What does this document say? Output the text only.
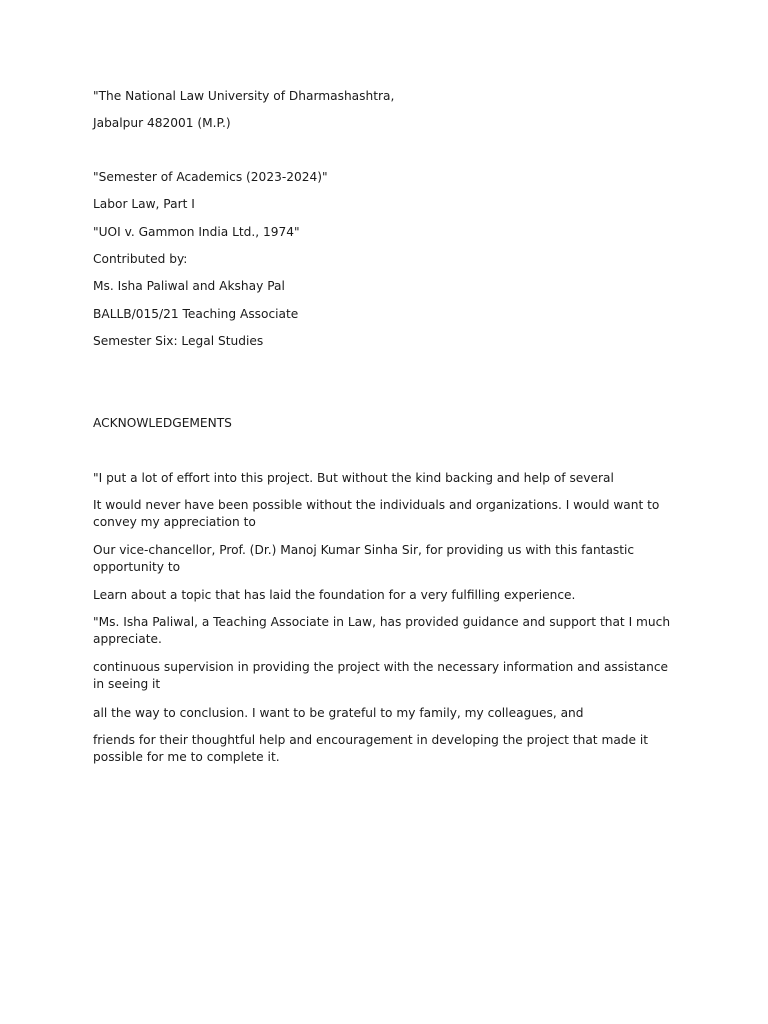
"The National Law University of Dharmashashtra,

Jabalpur 482001 (M.P.)

"Semester of Academics (2023-2024)"

Labor Law, Part I

"UOI v. Gammon India Ltd., 1974"

Contributed by:

Ms. Isha Paliwal and Akshay Pal

BALLB/015/21 Teaching Associate

Semester Six: Legal Studies

ACKNOWLEDGEMENTS

"I put a lot of effort into this project. But without the kind backing and help of several

It would never have been possible without the individuals and organizations. I would want to convey my appreciation to

Our vice-chancellor, Prof. (Dr.) Manoj Kumar Sinha Sir, for providing us with this fantastic opportunity to

Learn about a topic that has laid the foundation for a very fulfilling experience.

"Ms. Isha Paliwal, a Teaching Associate in Law, has provided guidance and support that I much appreciate.

continuous supervision in providing the project with the necessary information and assistance in seeing it

all the way to conclusion. I want to be grateful to my family, my colleagues, and

friends for their thoughtful help and encouragement in developing the project that made it possible for me to complete it.
